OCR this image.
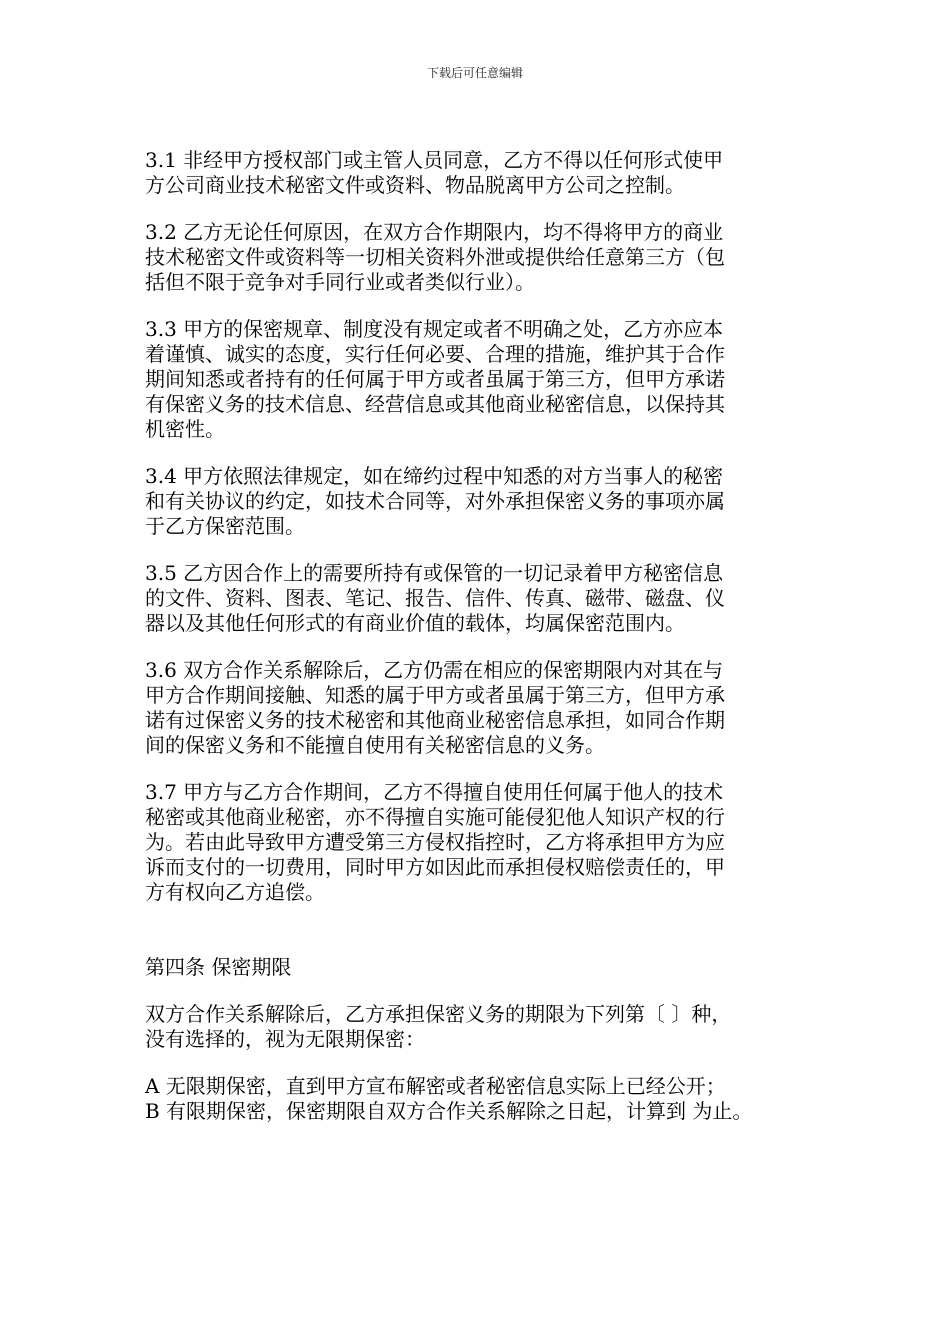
下载后可任意编辑

3.1 非经甲方授权部门或主管人员同意，乙方不得以任何形式使甲
方公司商业技术秘密文件或资料、物品脱离甲方公司之控制。

3.2 乙方无论任何原因，在双方合作期限内，均不得将甲方的商业
技术秘密文件或资料等一切相关资料外泄或提供给任意第三方（包
括但不限于竞争对手同行业或者类似行业）。

3.3 甲方的保密规章、制度没有规定或者不明确之处，乙方亦应本
着谨慎、诚实的态度，实行任何必要、合理的措施，维护其于合作
期间知悉或者持有的任何属于甲方或者虽属于第三方，但甲方承诺
有保密义务的技术信息、经营信息或其他商业秘密信息，以保持其
机密性。

3.4 甲方依照法律规定，如在缔约过程中知悉的对方当事人的秘密
和有关协议的约定，如技术合同等，对外承担保密义务的事项亦属
于乙方保密范围。

3.5 乙方因合作上的需要所持有或保管的一切记录着甲方秘密信息
的文件、资料、图表、笔记、报告、信件、传真、磁带、磁盘、仪
器以及其他任何形式的有商业价值的载体，均属保密范围内。

3.6 双方合作关系解除后，乙方仍需在相应的保密期限内对其在与
甲方合作期间接触、知悉的属于甲方或者虽属于第三方，但甲方承
诺有过保密义务的技术秘密和其他商业秘密信息承担，如同合作期
间的保密义务和不能擅自使用有关秘密信息的义务。

3.7 甲方与乙方合作期间，乙方不得擅自使用任何属于他人的技术
秘密或其他商业秘密，亦不得擅自实施可能侵犯他人知识产权的行
为。若由此导致甲方遭受第三方侵权指控时，乙方将承担甲方为应
诉而支付的一切费用，同时甲方如因此而承担侵权赔偿责任的，甲
方有权向乙方追偿。

第四条 保密期限

双方合作关系解除后，乙方承担保密义务的期限为下列第〔 〕种，
没有选择的，视为无限期保密：

A 无限期保密，直到甲方宣布解密或者秘密信息实际上已经公开；
B 有限期保密，保密期限自双方合作关系解除之日起，计算到 为止。
